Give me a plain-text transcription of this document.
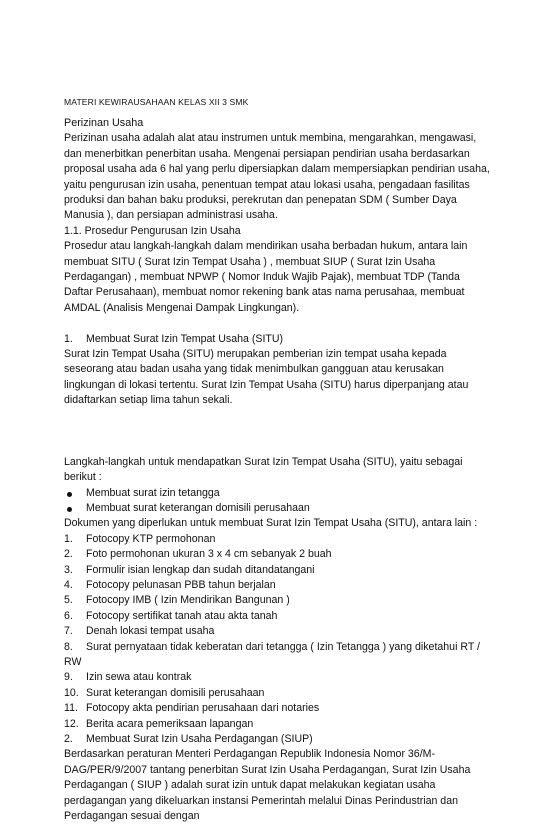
MATERI KEWIRAUSAHAAN KELAS XII 3 SMK

Perizinan Usaha

Perizinan usaha adalah alat atau instrumen untuk membina, mengarahkan, mengawasi, dan menerbitkan penerbitan usaha. Mengenai persiapan pendirian usaha berdasarkan proposal usaha ada 6 hal yang perlu dipersiapkan dalam mempersiapkan pendirian usaha, yaitu pengurusan izin usaha, penentuan tempat atau lokasi usaha, pengadaan fasilitas produksi dan bahan baku produksi, perekrutan dan penepatan SDM ( Sumber Daya Manusia ), dan persiapan administrasi usaha.

1.1. Prosedur Pengurusan Izin Usaha

Prosedur atau langkah-langkah dalam mendirikan usaha berbadan hukum, antara lain membuat SITU ( Surat Izin Tempat Usaha ) , membuat SIUP ( Surat Izin Usaha Perdagangan) , membuat NPWP ( Nomor Induk Wajib Pajak), membuat TDP (Tanda Daftar Perusahaan), membuat nomor rekening bank atas nama perusahaa, membuat AMDAL (Analisis Mengenai Dampak Lingkungan).

1. Membuat Surat Izin Tempat Usaha (SITU)

Surat Izin Tempat Usaha (SITU) merupakan pemberian izin tempat usaha kepada seseorang atau badan usaha yang tidak menimbulkan gangguan atau kerusakan lingkungan di lokasi tertentu. Surat Izin Tempat Usaha (SITU) harus diperpanjang atau didaftarkan setiap lima tahun sekali.

Langkah-langkah untuk mendapatkan Surat Izin Tempat Usaha (SITU), yaitu sebagai berikut :

Membuat surat izin tetangga
Membuat surat keterangan domisili perusahaan

Dokumen yang diperlukan untuk membuat Surat Izin Tempat Usaha (SITU), antara lain :

1. Fotocopy KTP permohonan
2. Foto permohonan ukuran 3 x 4 cm sebanyak 2 buah
3. Formulir isian lengkap dan sudah ditandatangani
4. Fotocopy pelunasan PBB tahun berjalan
5. Fotocopy IMB ( Izin Mendirikan Bangunan )
6. Fotocopy sertifikat tanah atau akta tanah
7. Denah lokasi tempat usaha
8. Surat pernyataan tidak keberatan dari tetangga ( Izin Tetangga ) yang diketahui RT / RW
9. Izin sewa atau kontrak
10. Surat keterangan domisili perusahaan
11. Fotocopy akta pendirian perusahaan dari notaries
12. Berita acara pemeriksaan lapangan

2. Membuat Surat Izin Usaha Perdagangan (SIUP)

Berdasarkan peraturan Menteri Perdagangan Republik Indonesia Nomor 36/M-DAG/PER/9/2007 tantang penerbitan Surat Izin Usaha Perdagangan, Surat Izin Usaha Perdagangan ( SIUP ) adalah surat izin untuk dapat melakukan kegiatan usaha perdagangan yang dikeluarkan instansi Pemerintah melalui Dinas Perindustrian dan Perdagangan sesuai dengan
